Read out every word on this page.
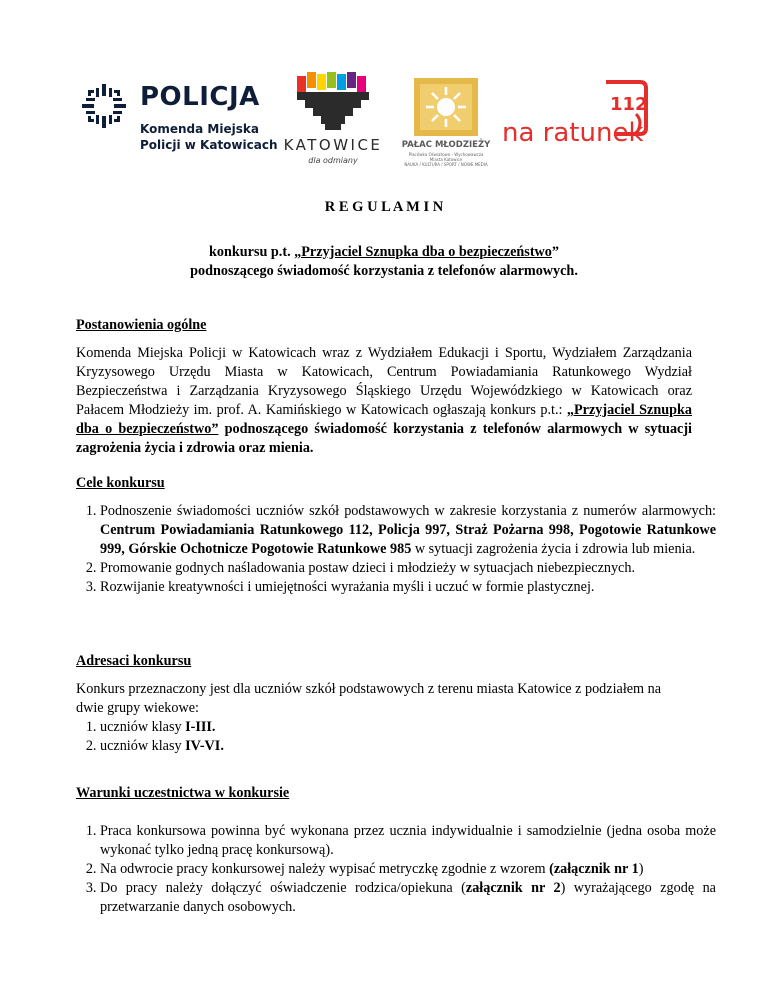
POLICJA
Komenda Miejska
Policji w Katowicach KATOWICE
dla odmiany
PAŁAC MŁODZIEŻY
Placówka Oświatowo - Wychowawcza
Miasta Katowice
NAUKA / KULTURA / SPORT / NOWE MEDIA
112
na ratunek
R E G U L A M I N
konkursu p.t. „Przyjaciel Sznupka dba o bezpieczeństwo”
podnoszącego świadomość korzystania z telefonów alarmowych.
Postanowienia ogólne
Komenda Miejska Policji w Katowicach wraz z Wydziałem Edukacji i Sportu, Wydziałem Zarządzania Kryzysowego Urzędu Miasta w Katowicach, Centrum Powiadamiania Ratunkowego Wydział Bezpieczeństwa i Zarządzania Kryzysowego Śląskiego Urzędu Wojewódzkiego w Katowicach oraz Pałacem Młodzieży im. prof. A. Kamińskiego w Katowicach ogłaszają konkurs p.t.: „Przyjaciel Sznupka dba o bezpieczeństwo” podnoszącego świadomość korzystania z telefonów alarmowych w sytuacji zagrożenia życia i zdrowia oraz mienia.
Cele konkursu
1. Podnoszenie świadomości uczniów szkół podstawowych w zakresie korzystania z numerów alarmowych: Centrum Powiadamiania Ratunkowego 112, Policja 997, Straż Pożarna 998, Pogotowie Ratunkowe 999, Górskie Ochotnicze Pogotowie Ratunkowe 985 w sytuacji zagrożenia życia i zdrowia lub mienia.
2. Promowanie godnych naśladowania postaw dzieci i młodzieży w sytuacjach niebezpiecznych.
3. Rozwijanie kreatywności i umiejętności wyrażania myśli i uczuć w formie plastycznej.
Adresaci konkursu
Konkurs przeznaczony jest dla uczniów szkół podstawowych z terenu miasta Katowice z podziałem na dwie grupy wiekowe:
1. uczniów klasy I-III.
2. uczniów klasy IV-VI.
Warunki uczestnictwa w konkursie
1. Praca konkursowa powinna być wykonana przez ucznia indywidualnie i samodzielnie (jedna osoba może wykonać tylko jedną pracę konkursową).
2. Na odwrocie pracy konkursowej należy wypisać metryczkę zgodnie z wzorem (załącznik nr 1)
3. Do pracy należy dołączyć oświadczenie rodzica/opiekuna (załącznik nr 2) wyrażającego zgodę na przetwarzanie danych osobowych.
